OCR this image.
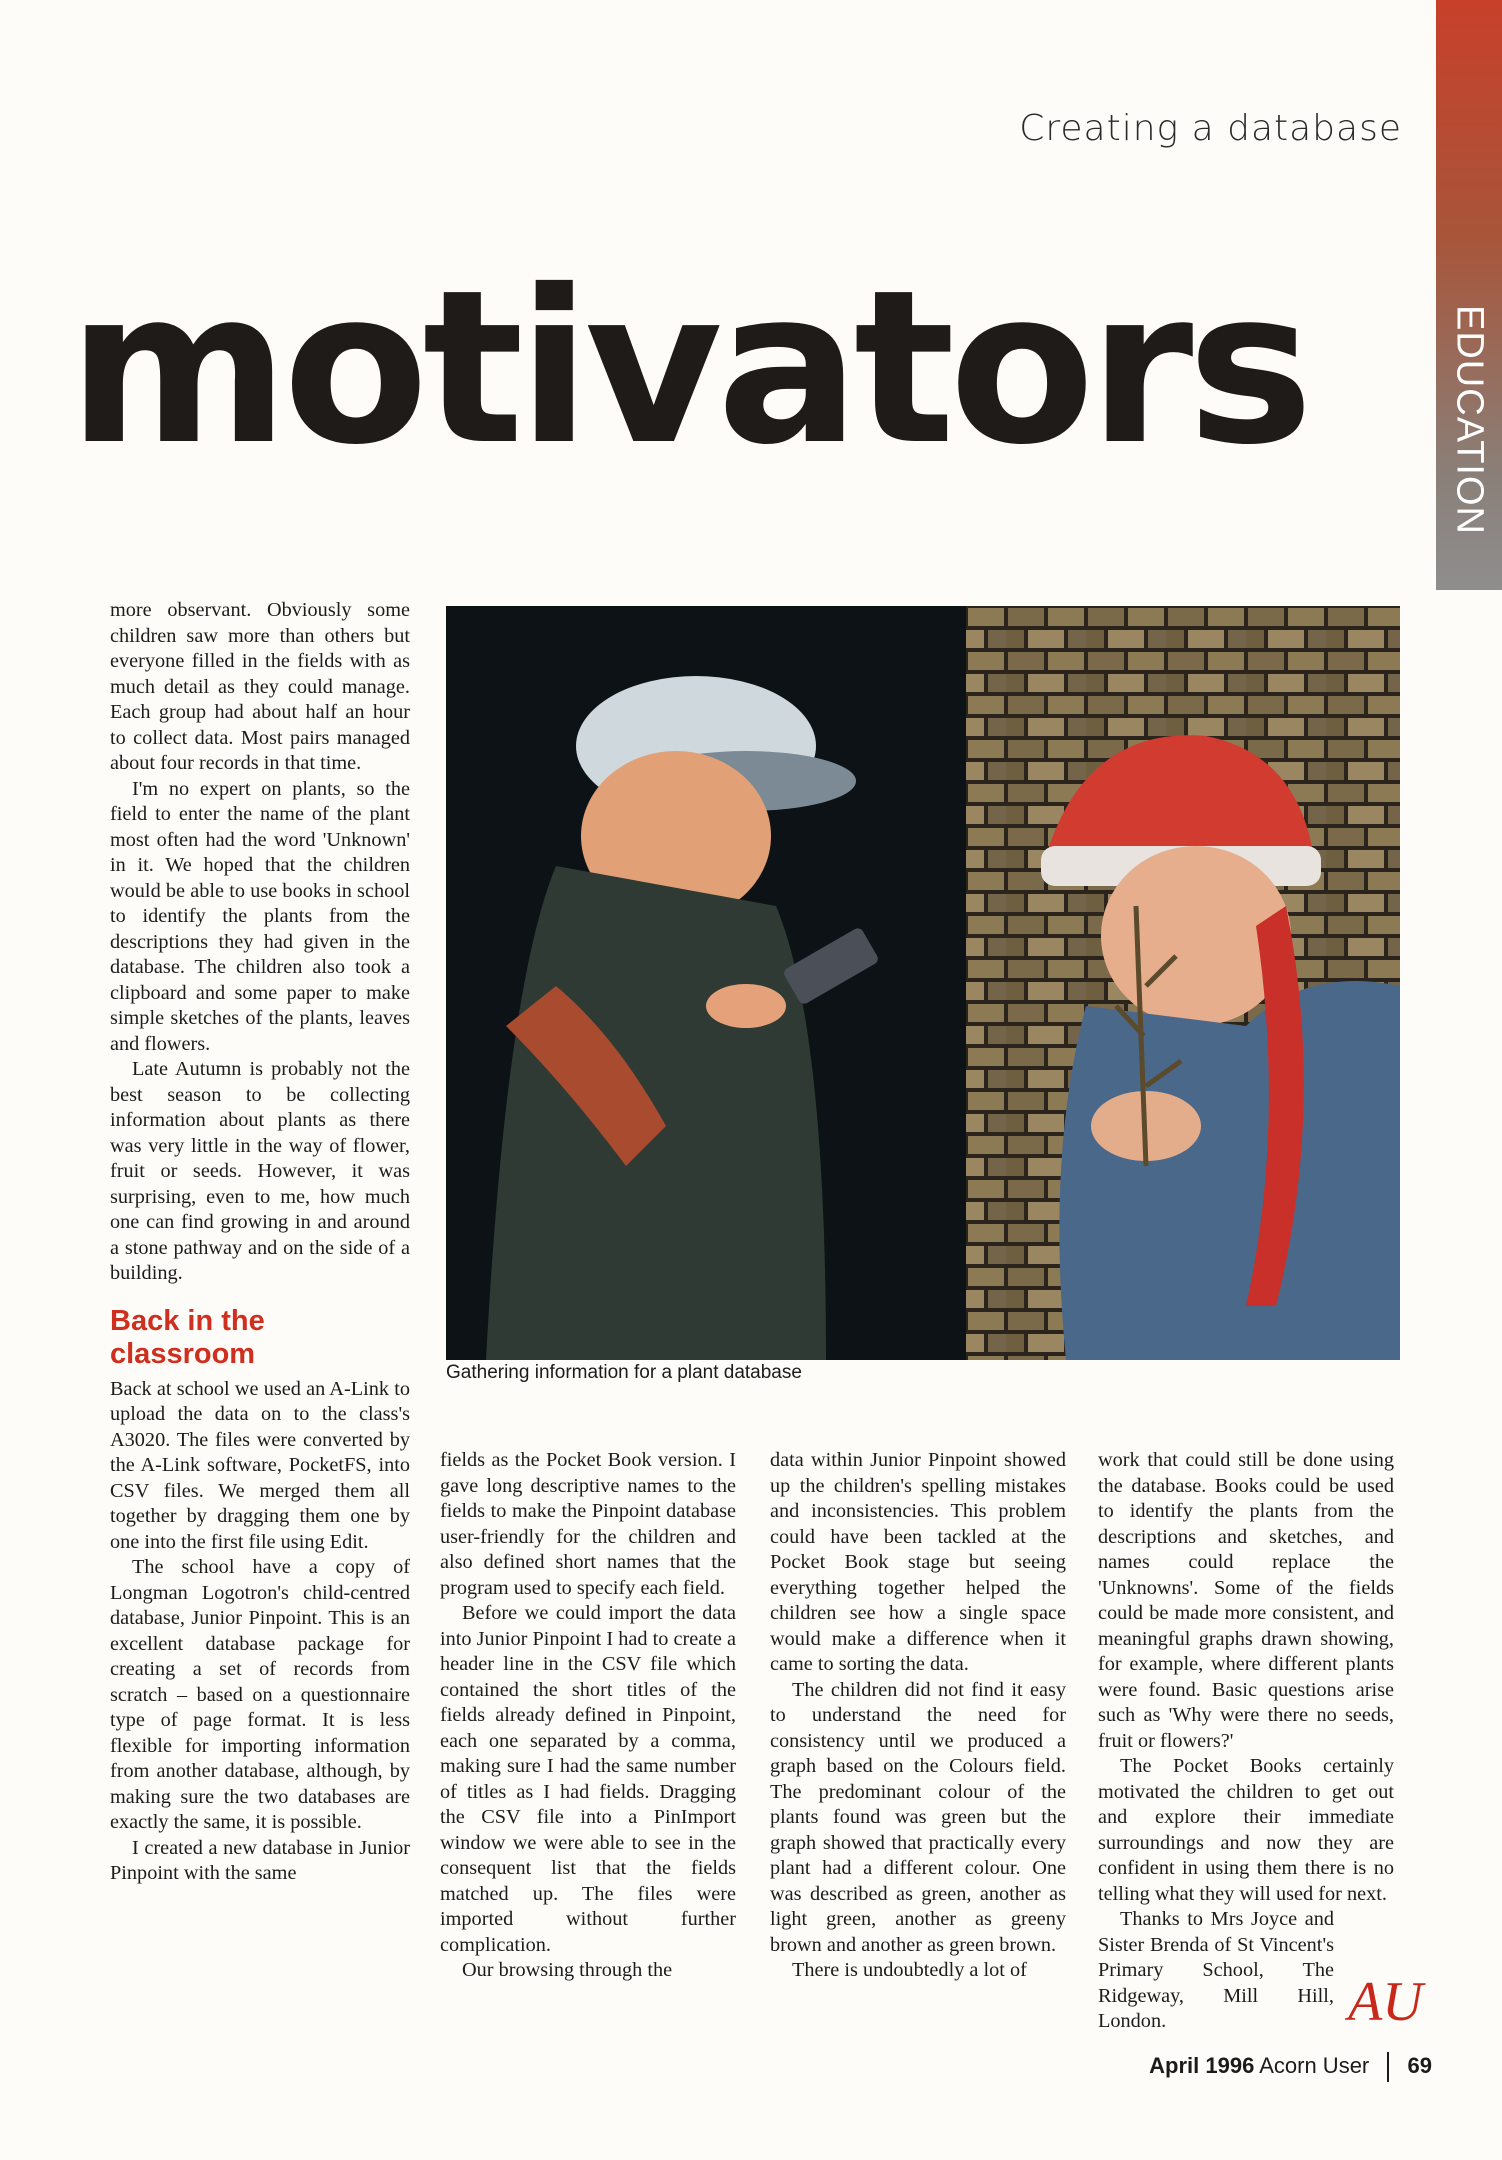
EDUCATION
Creating a database
motivators

more observant. Obviously some children saw more than others but everyone filled in the fields with as much detail as they could manage. Each group had about half an hour to collect data. Most pairs managed about four records in that time.

I'm no expert on plants, so the field to enter the name of the plant most often had the word 'Unknown' in it. We hoped that the children would be able to use books in school to identify the plants from the descriptions they had given in the database. The children also took a clipboard and some paper to make simple sketches of the plants, leaves and flowers.

Late Autumn is probably not the best season to be collecting information about plants as there was very little in the way of flower, fruit or seeds. However, it was surprising, even to me, how much one can find growing in and around a stone pathway and on the side of a building.

Back in the classroom

Back at school we used an A-Link to upload the data on to the class's A3020. The files were converted by the A-Link software, PocketFS, into CSV files. We merged them all together by dragging them one by one into the first file using Edit.

The school have a copy of Longman Logotron's child-centred database, Junior Pinpoint. This is an excellent database package for creating a set of records from scratch – based on a questionnaire type of page format. It is less flexible for importing information from another database, although, by making sure the two databases are exactly the same, it is possible.

I created a new database in Junior Pinpoint with the same

Gathering information for a plant database

fields as the Pocket Book version. I gave long descriptive names to the fields to make the Pinpoint database user-friendly for the children and also defined short names that the program used to specify each field.

Before we could import the data into Junior Pinpoint I had to create a header line in the CSV file which contained the short titles of the fields already defined in Pinpoint, each one separated by a comma, making sure I had the same number of titles as I had fields. Dragging the CSV file into a PinImport window we were able to see in the consequent list that the fields matched up. The files were imported without further complication.

Our browsing through the

data within Junior Pinpoint showed up the children's spelling mistakes and inconsistencies. This problem could have been tackled at the Pocket Book stage but seeing everything together helped the children see how a single space would make a difference when it came to sorting the data.

The children did not find it easy to understand the need for consistency until we produced a graph based on the Colours field. The predominant colour of the plants found was green but the graph showed that practically every plant had a different colour. One was described as green, another as light green, another as greeny brown and another as green brown.

There is undoubtedly a lot of

work that could still be done using the database. Books could be used to identify the plants from the descriptions and sketches, and names could replace the 'Unknowns'. Some of the fields could be made more consistent, and meaningful graphs drawn showing, for example, where different plants were found. Basic questions arise such as 'Why were there no seeds, fruit or flowers?'

The Pocket Books certainly motivated the children to get out and explore their immediate surroundings and now they are confident in using them there is no telling what they will used for next.

Thanks to Mrs Joyce and Sister Brenda of St Vincent's Primary School, The Ridgeway, Mill Hill, London.	AU
April 1996 Acorn User 69
